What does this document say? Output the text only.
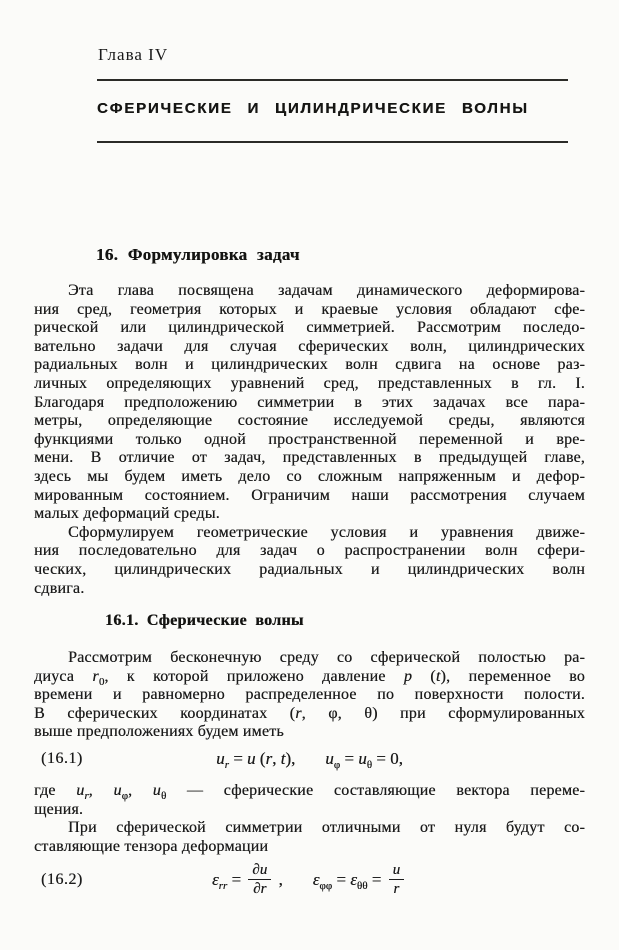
Глава IV
СФЕРИЧЕСКИЕ И ЦИЛИНДРИЧЕСКИЕ ВОЛНЫ
16. Формулировка задач
Эта глава посвящена задачам динамического деформирова-
ния сред, геометрия которых и краевые условия обладают сфе-
рической или цилиндрической симметрией. Рассмотрим последо-
вательно задачи для случая сферических волн, цилиндрических
радиальных волн и цилиндрических волн сдвига на основе раз-
личных определяющих уравнений сред, представленных в гл. I.
Благодаря предположению симметрии в этих задачах все пара-
метры, определяющие состояние исследуемой среды, являются
функциями только одной пространственной переменной и вре-
мени. В отличие от задач, представленных в предыдущей главе,
здесь мы будем иметь дело со сложным напряженным и дефор-
мированным состоянием. Ограничим наши рассмотрения случаем
малых деформаций среды.
Сформулируем геометрические условия и уравнения движе-
ния последовательно для задач о распространении волн сфери-
ческих, цилиндрических радиальных и цилиндрических волн
сдвига.
16.1. Сферические волны
Рассмотрим бесконечную среду со сферической полостью ра-
диуса $r_0$, к которой приложено давление p (t), переменное во
времени и равномерно распределенное по поверхности полости.
В сферических координатах (r, φ, θ) при сформулированных
выше предположениях будем иметь
(16.1)	$u_r = u$ (r, t), $u_\varphi = u_\theta = 0$,
где $u_r$, $u_\varphi$, $u_\theta$ — сферические составляющие вектора переме-
щения.
При сферической симметрии отличными от нуля будут со-
ставляющие тензора деформации
(16.2)	$\varepsilon_{rr} = \frac{\partial u}{\partial r}$ , $\varepsilon_{\varphi\varphi} = \varepsilon_{\theta\theta} = \frac{u}{r}$
